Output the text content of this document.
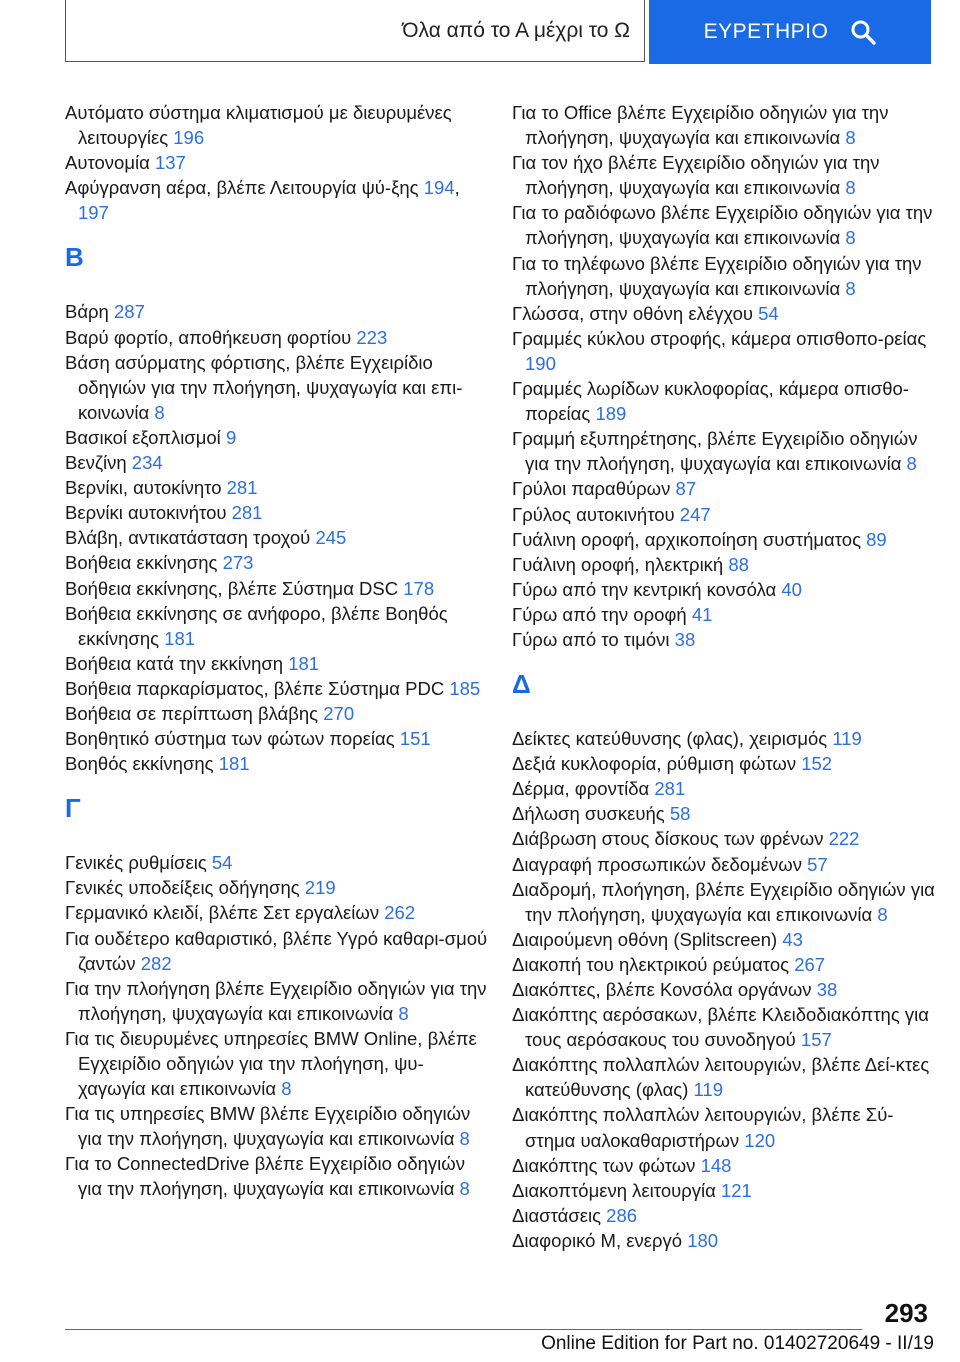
Όλα από το Α μέχρι το Ω	ΕΥΡΕΤΗΡΙΟ
Αυτόματο σύστημα κλιματισμού με διευρυμένες λειτουργίες 196
Αυτονομία 137
Αφύγρανση αέρα, βλέπε Λειτουργία ψύ-ξης 194, 197
Β
Βάρη 287
Βαρύ φορτίο, αποθήκευση φορτίου 223
Βάση ασύρματης φόρτισης, βλέπε Εγχειρίδιο οδηγιών για την πλοήγηση, ψυχαγωγία και επι-κοινωνία 8
Βασικοί εξοπλισμοί 9
Βενζίνη 234
Βερνίκι, αυτοκίνητο 281
Βερνίκι αυτοκινήτου 281
Βλάβη, αντικατάσταση τροχού 245
Βοήθεια εκκίνησης 273
Βοήθεια εκκίνησης, βλέπε Σύστημα DSC 178
Βοήθεια εκκίνησης σε ανήφορο, βλέπε Βοηθός εκκίνησης 181
Βοήθεια κατά την εκκίνηση 181
Βοήθεια παρκαρίσματος, βλέπε Σύστημα PDC 185
Βοήθεια σε περίπτωση βλάβης 270
Βοηθητικό σύστημα των φώτων πορείας 151
Βοηθός εκκίνησης 181
Γ
Γενικές ρυθμίσεις 54
Γενικές υποδείξεις οδήγησης 219
Γερμανικό κλειδί, βλέπε Σετ εργαλείων 262
Για ουδέτερο καθαριστικό, βλέπε Υγρό καθαρι-σμού ζαντών 282
Για την πλοήγηση βλέπε Εγχειρίδιο οδηγιών για την πλοήγηση, ψυχαγωγία και επικοινωνία 8
Για τις διευρυμένες υπηρεσίες BMW Online, βλέπε Εγχειρίδιο οδηγιών για την πλοήγηση, ψυ-χαγωγία και επικοινωνία 8
Για τις υπηρεσίες BMW βλέπε Εγχειρίδιο οδηγιών για την πλοήγηση, ψυχαγωγία και επικοινωνία 8
Για το ConnectedDrive βλέπε Εγχειρίδιο οδηγιών για την πλοήγηση, ψυχαγωγία και επικοινωνία 8
Για το Office βλέπε Εγχειρίδιο οδηγιών για την πλοήγηση, ψυχαγωγία και επικοινωνία 8
Για τον ήχο βλέπε Εγχειρίδιο οδηγιών για την πλοήγηση, ψυχαγωγία και επικοινωνία 8
Για το ραδιόφωνο βλέπε Εγχειρίδιο οδηγιών για την πλοήγηση, ψυχαγωγία και επικοινωνία 8
Για το τηλέφωνο βλέπε Εγχειρίδιο οδηγιών για την πλοήγηση, ψυχαγωγία και επικοινωνία 8
Γλώσσα, στην οθόνη ελέγχου 54
Γραμμές κύκλου στροφής, κάμερα οπισθοπο-ρείας 190
Γραμμές λωρίδων κυκλοφορίας, κάμερα οπισθο-πορείας 189
Γραμμή εξυπηρέτησης, βλέπε Εγχειρίδιο οδηγιών για την πλοήγηση, ψυχαγωγία και επικοινωνία 8
Γρύλοι παραθύρων 87
Γρύλος αυτοκινήτου 247
Γυάλινη οροφή, αρχικοποίηση συστήματος 89
Γυάλινη οροφή, ηλεκτρική 88
Γύρω από την κεντρική κονσόλα 40
Γύρω από την οροφή 41
Γύρω από το τιμόνι 38
Δ
Δείκτες κατεύθυνσης (φλας), χειρισμός 119
Δεξιά κυκλοφορία, ρύθμιση φώτων 152
Δέρμα, φροντίδα 281
Δήλωση συσκευής 58
Διάβρωση στους δίσκους των φρένων 222
Διαγραφή προσωπικών δεδομένων 57
Διαδρομή, πλοήγηση, βλέπε Εγχειρίδιο οδηγιών για την πλοήγηση, ψυχαγωγία και επικοινωνία 8
Διαιρούμενη οθόνη (Splitscreen) 43
Διακοπή του ηλεκτρικού ρεύματος 267
Διακόπτες, βλέπε Κονσόλα οργάνων 38
Διακόπτης αερόσακων, βλέπε Κλειδοδιακόπτης για τους αερόσακους του συνοδηγού 157
Διακόπτης πολλαπλών λειτουργιών, βλέπε Δεί-κτες κατεύθυνσης (φλας) 119
Διακόπτης πολλαπλών λειτουργιών, βλέπε Σύ-στημα υαλοκαθαριστήρων 120
Διακόπτης των φώτων 148
Διακοπτόμενη λειτουργία 121
Διαστάσεις 286
Διαφορικό M, ενεργό 180
293
Online Edition for Part no. 01402720649 - II/19
